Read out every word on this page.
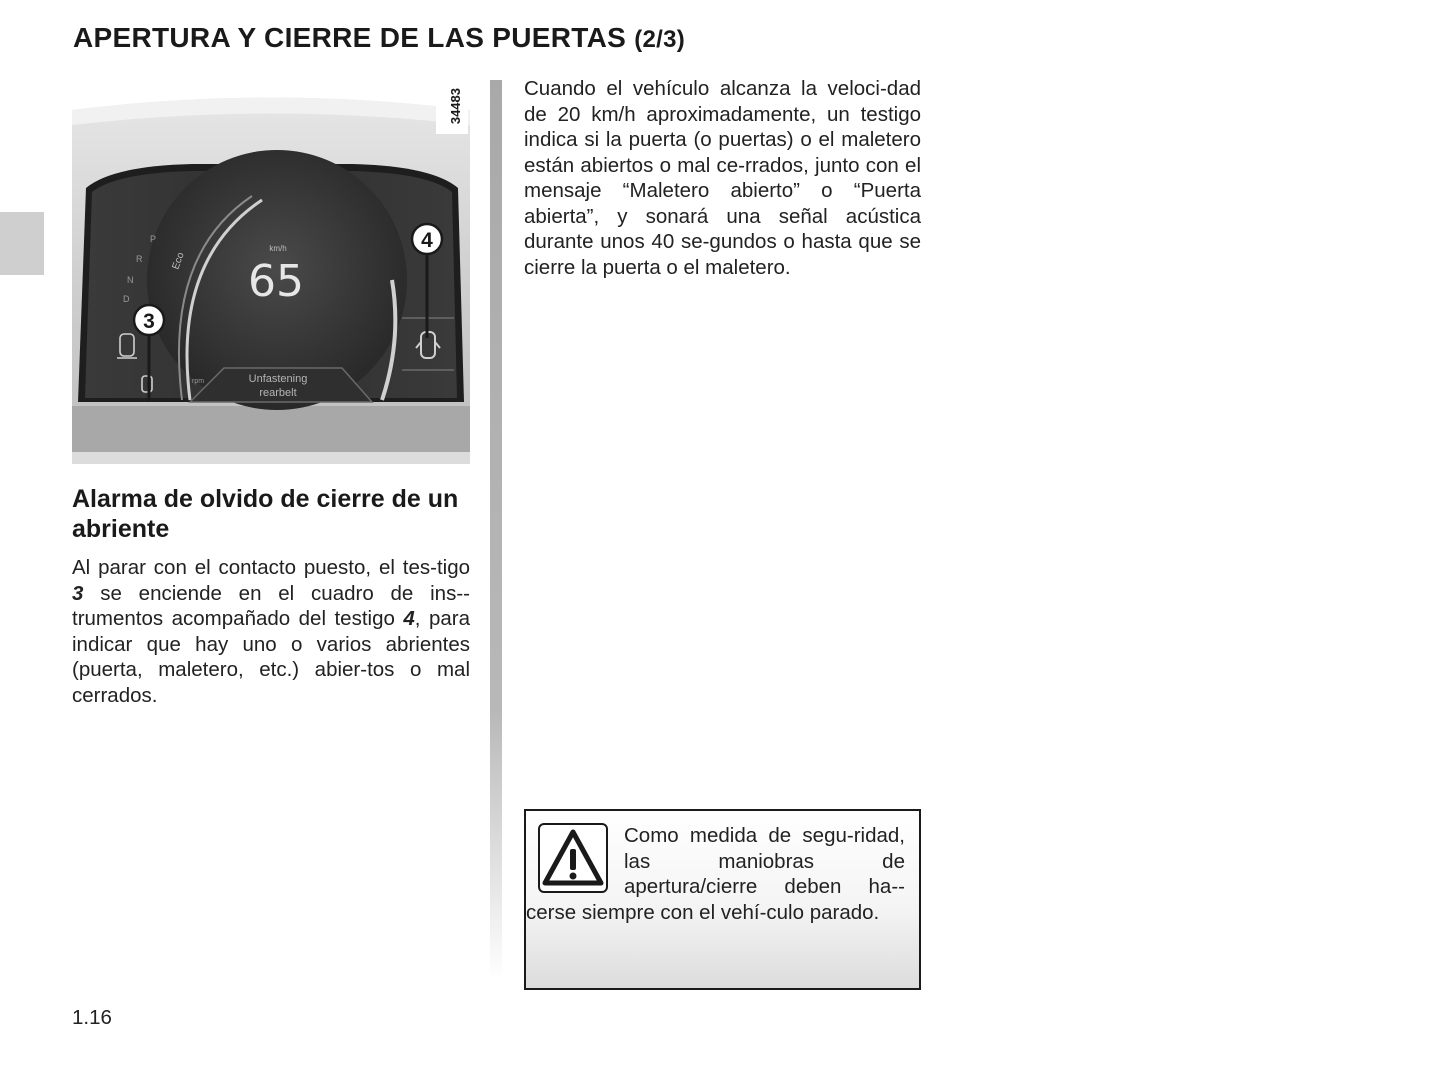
APERTURA Y CIERRE DE LAS PUERTAS (2/3)
34483
km/h
65
Eco
rpm
P
R
N
D
Unfastening
rearbelt
3
4
Alarma de olvido de cierre de un abriente

Al parar con el contacto puesto, el tes-tigo 3 se enciende en el cuadro de ins-trumentos acompañado del testigo 4, para indicar que hay uno o varios abrientes (puerta, maletero, etc.) abier-tos o mal cerrados.

Cuando el vehículo alcanza la veloci-dad de 20 km/h aproximadamente, un testigo indica si la puerta (o puertas) o el maletero están abiertos o mal ce-rrados, junto con el mensaje “Maletero abierto” o “Puerta abierta”, y sonará una señal acústica durante unos 40 se-gundos o hasta que se cierre la puerta o el maletero.

Como medida de segu-ridad, las maniobras de apertura/cierre deben ha-cerse siempre con el vehí-culo parado.

1.16
